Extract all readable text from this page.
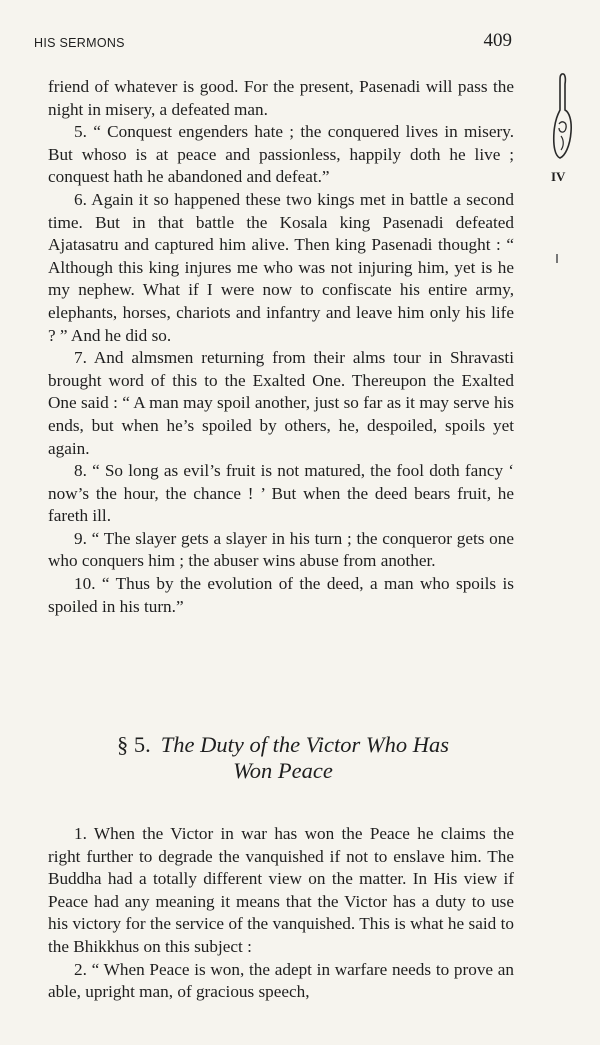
HIS SERMONS	409
IV

friend of whatever is good. For the present, Pasenadi will pass the night in misery, a defeated man.

5. “ Conquest engenders hate ; the conquered lives in misery. But whoso is at peace and passionless, happily doth he live ; conquest hath he abandoned and defeat.”

6. Again it so happened these two kings met in battle a second time. But in that battle the Kosala king Pasenadi defeated Ajatasatru and captured him alive. Then king Pasenadi thought : “ Although this king injures me who was not injuring him, yet is he my nephew. What if I were now to confiscate his entire army, elephants, horses, chariots and infantry and leave him only his life ? ” And he did so.

7. And almsmen returning from their alms tour in Shravasti brought word of this to the Exalted One. Thereupon the Exalted One said : “ A man may spoil another, just so far as it may serve his ends, but when he’s spoiled by others, he, despoiled, spoils yet again.

8. “ So long as evil’s fruit is not matured, the fool doth fancy ‘ now’s the hour, the chance ! ’ But when the deed bears fruit, he fareth ill.

9. “ The slayer gets a slayer in his turn ; the conqueror gets one who conquers him ; the abuser wins abuse from another.

10. “ Thus by the evolution of the deed, a man who spoils is spoiled in his turn.”

§ 5. The Duty of the Victor Who Has
Won Peace

1. When the Victor in war has won the Peace he claims the right further to degrade the vanquished if not to enslave him. The Buddha had a totally different view on the matter. In His view if Peace had any meaning it means that the Victor has a duty to use his victory for the service of the vanquished. This is what he said to the Bhikkhus on this subject :

2. “ When Peace is won, the adept in warfare needs to prove an able, upright man, of gracious speech,
